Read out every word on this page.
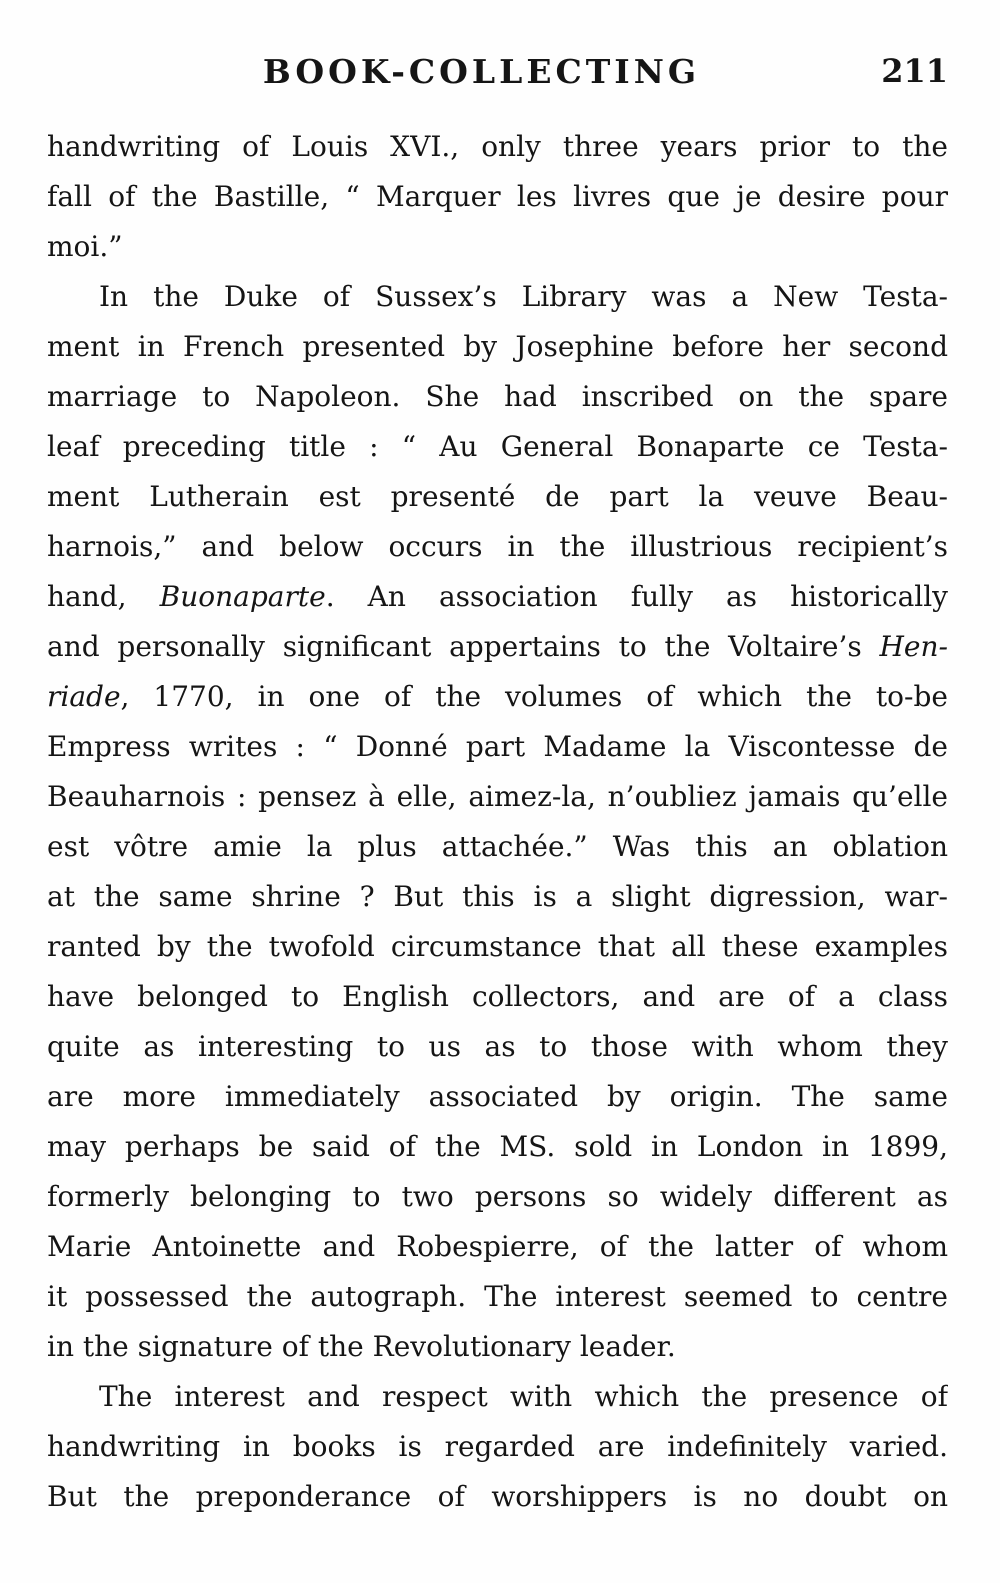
BOOK-COLLECTING	211
handwriting of Louis XVI., only three years prior to the
fall of the Bastille, “ Marquer les livres que je desire pour
moi.”
In the Duke of Sussex’s Library was a New Testa-
ment in French presented by Josephine before her second
marriage to Napoleon. She had inscribed on the spare
leaf preceding title : “ Au General Bonaparte ce Testa-
ment Lutherain est presenté de part la veuve Beau-
harnois,” and below occurs in the illustrious recipient’s
hand, Buonaparte. An association fully as historically
and personally significant appertains to the Voltaire’s Hen-
riade, 1770, in one of the volumes of which the to-be
Empress writes : “ Donné part Madame la Viscontesse de
Beauharnois : pensez à elle, aimez-la, n’oubliez jamais qu’elle
est vôtre amie la plus attachée.” Was this an oblation
at the same shrine ? But this is a slight digression, war-
ranted by the twofold circumstance that all these examples
have belonged to English collectors, and are of a class
quite as interesting to us as to those with whom they
are more immediately associated by origin. The same
may perhaps be said of the MS. sold in London in 1899,
formerly belonging to two persons so widely different as
Marie Antoinette and Robespierre, of the latter of whom
it possessed the autograph. The interest seemed to centre
in the signature of the Revolutionary leader.
The interest and respect with which the presence of
handwriting in books is regarded are indefinitely varied.
But the preponderance of worshippers is no doubt on
